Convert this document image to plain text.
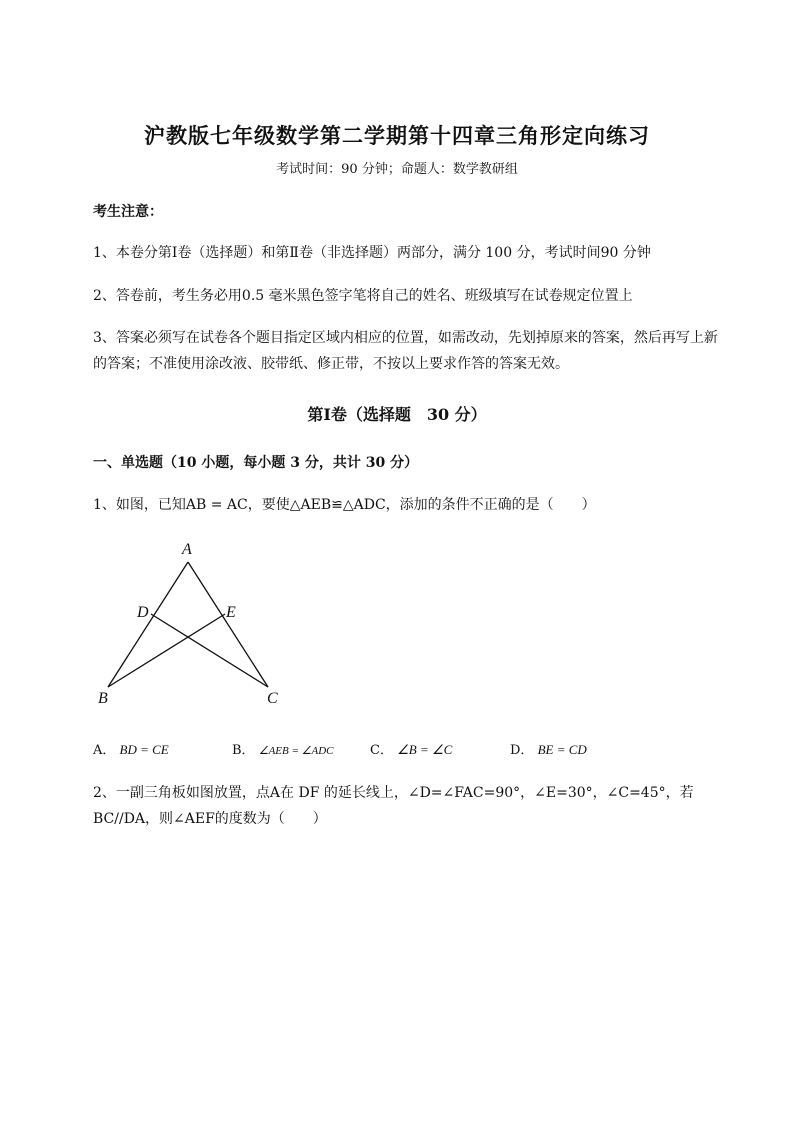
沪教版七年级数学第二学期第十四章三角形定向练习
考试时间：90 分钟；命题人：数学教研组
考生注意：
1、本卷分第Ⅰ卷（选择题）和第Ⅱ卷（非选择题）两部分，满分 100 分，考试时间90 分钟
2、答卷前，考生务必用0.5 毫米黑色签字笔将自己的姓名、班级填写在试卷规定位置上
3、答案必须写在试卷各个题目指定区域内相应的位置，如需改动，先划掉原来的答案，然后再写上新
的答案；不准使用涂改液、胶带纸、修正带，不按以上要求作答的答案无效。
第Ⅰ卷（选择题　30 分）
一、单选题（10 小题，每小题 3 分，共计 30 分）
1、如图，已知AB = AC，要使△AEB≌△ADC，添加的条件不正确的是（　　）
A
D	E
B	C
A． BD = CE	B． ∠AEB = ∠ADC	C． ∠B = ∠C	D． BE = CD
2、一副三角板如图放置，点A在 DF 的延长线上，∠D=∠FAC=90°，∠E=30°，∠C=45°，若
BC//DA，则∠AEF的度数为（　　）
